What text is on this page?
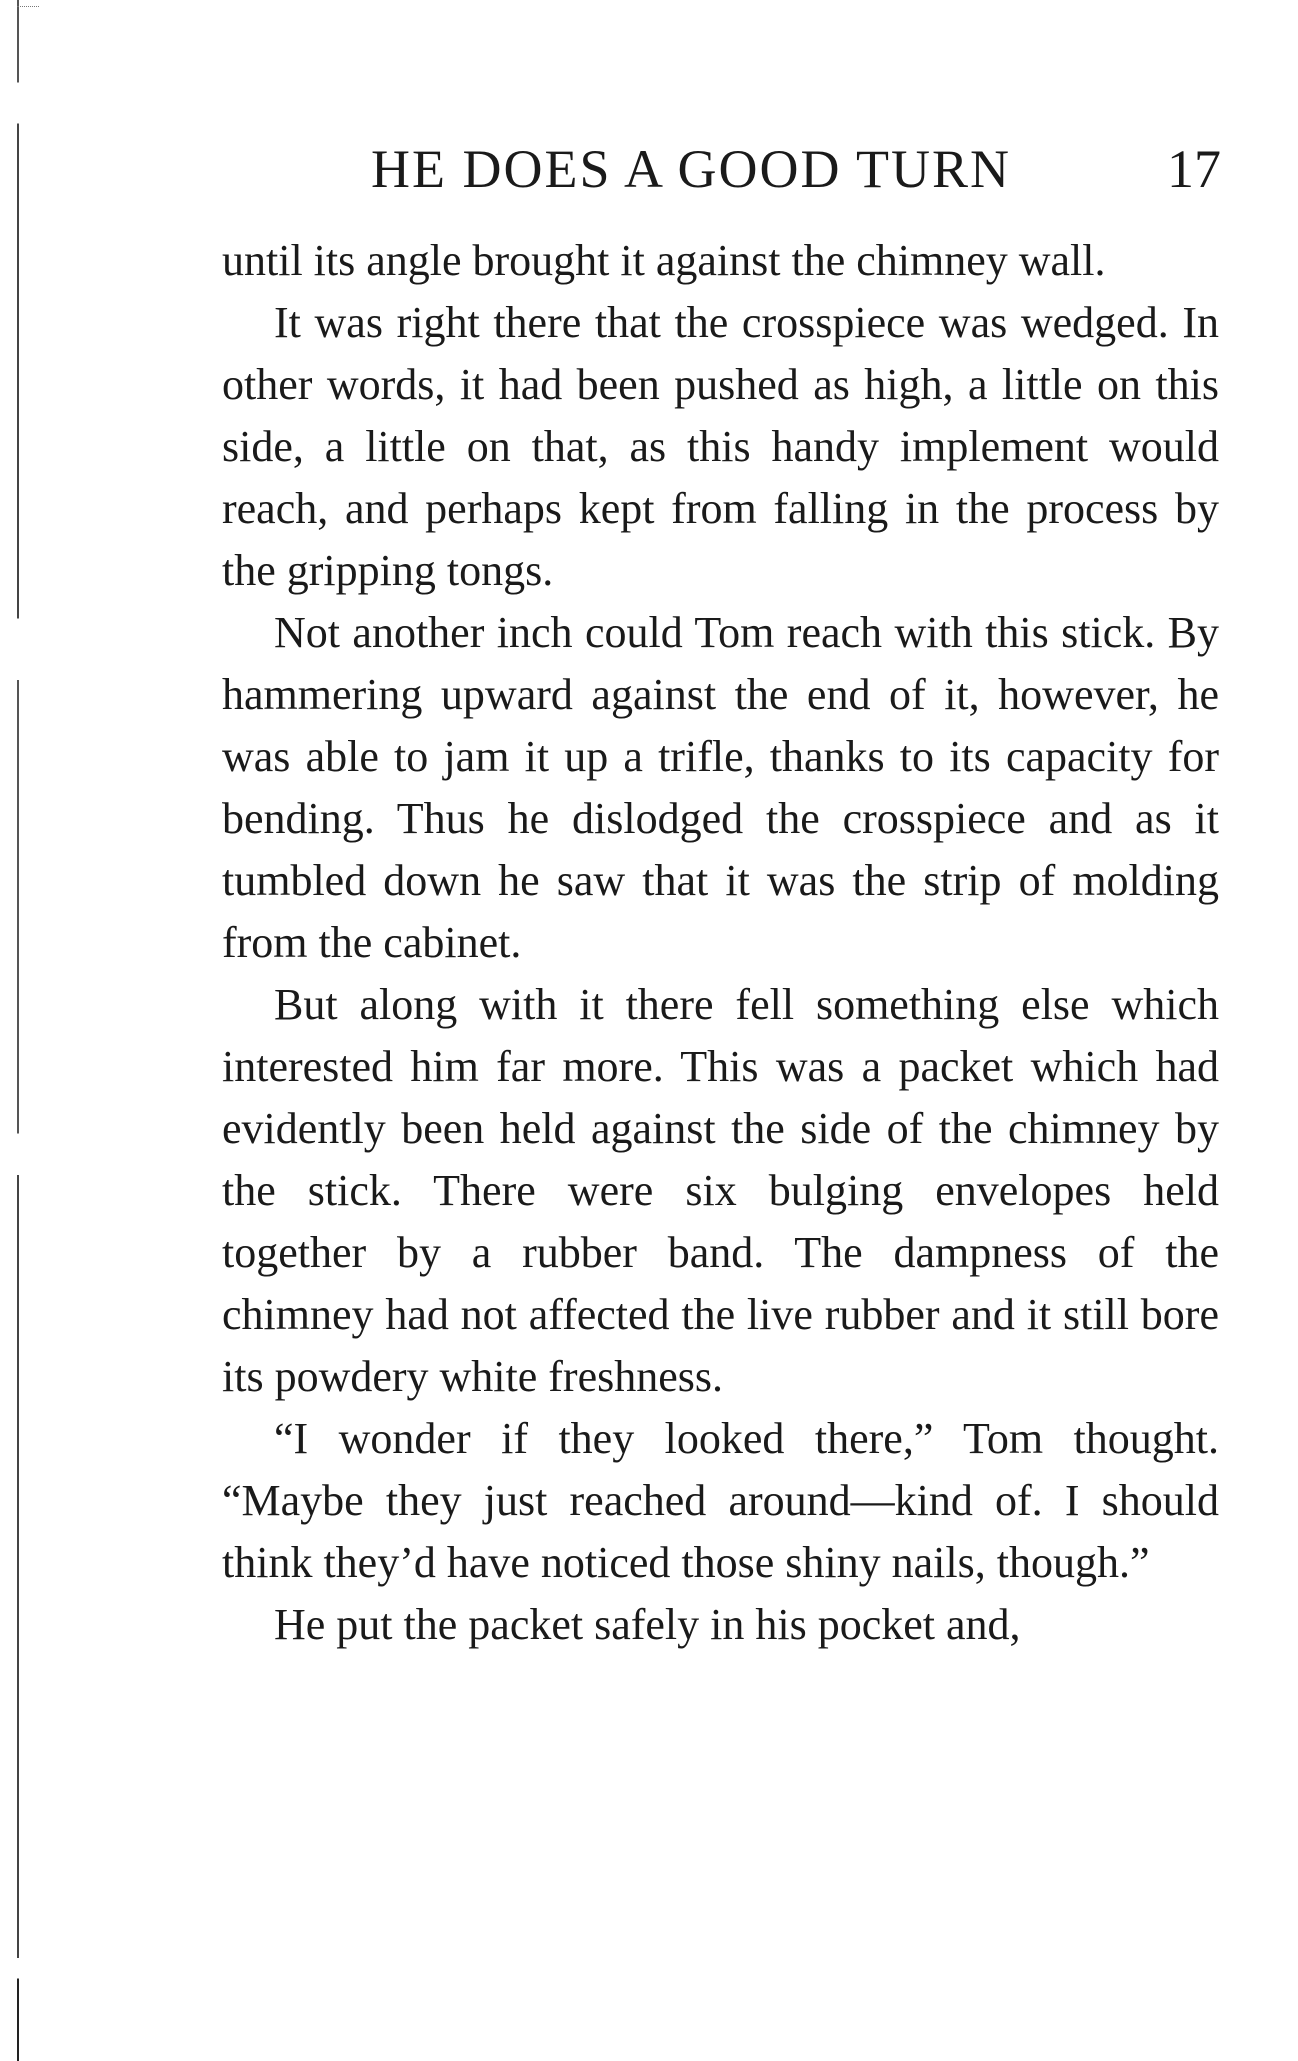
HE DOES A GOOD TURN	17

until its angle brought it against the chimney wall.

It was right there that the crosspiece was wedged. In other words, it had been pushed as high, a little on this side, a little on that, as this handy implement would reach, and perhaps kept from falling in the process by the gripping tongs.

Not another inch could Tom reach with this stick. By hammering upward against the end of it, however, he was able to jam it up a trifle, thanks to its capacity for bending. Thus he dislodged the crosspiece and as it tumbled down he saw that it was the strip of molding from the cabinet.

But along with it there fell something else which interested him far more. This was a packet which had evidently been held against the side of the chimney by the stick. There were six bulging envelopes held together by a rubber band. The dampness of the chimney had not affected the live rubber and it still bore its powdery white freshness.

“I wonder if they looked there,” Tom thought. “Maybe they just reached around—kind of. I should think they’d have noticed those shiny nails, though.”

He put the packet safely in his pocket and,
